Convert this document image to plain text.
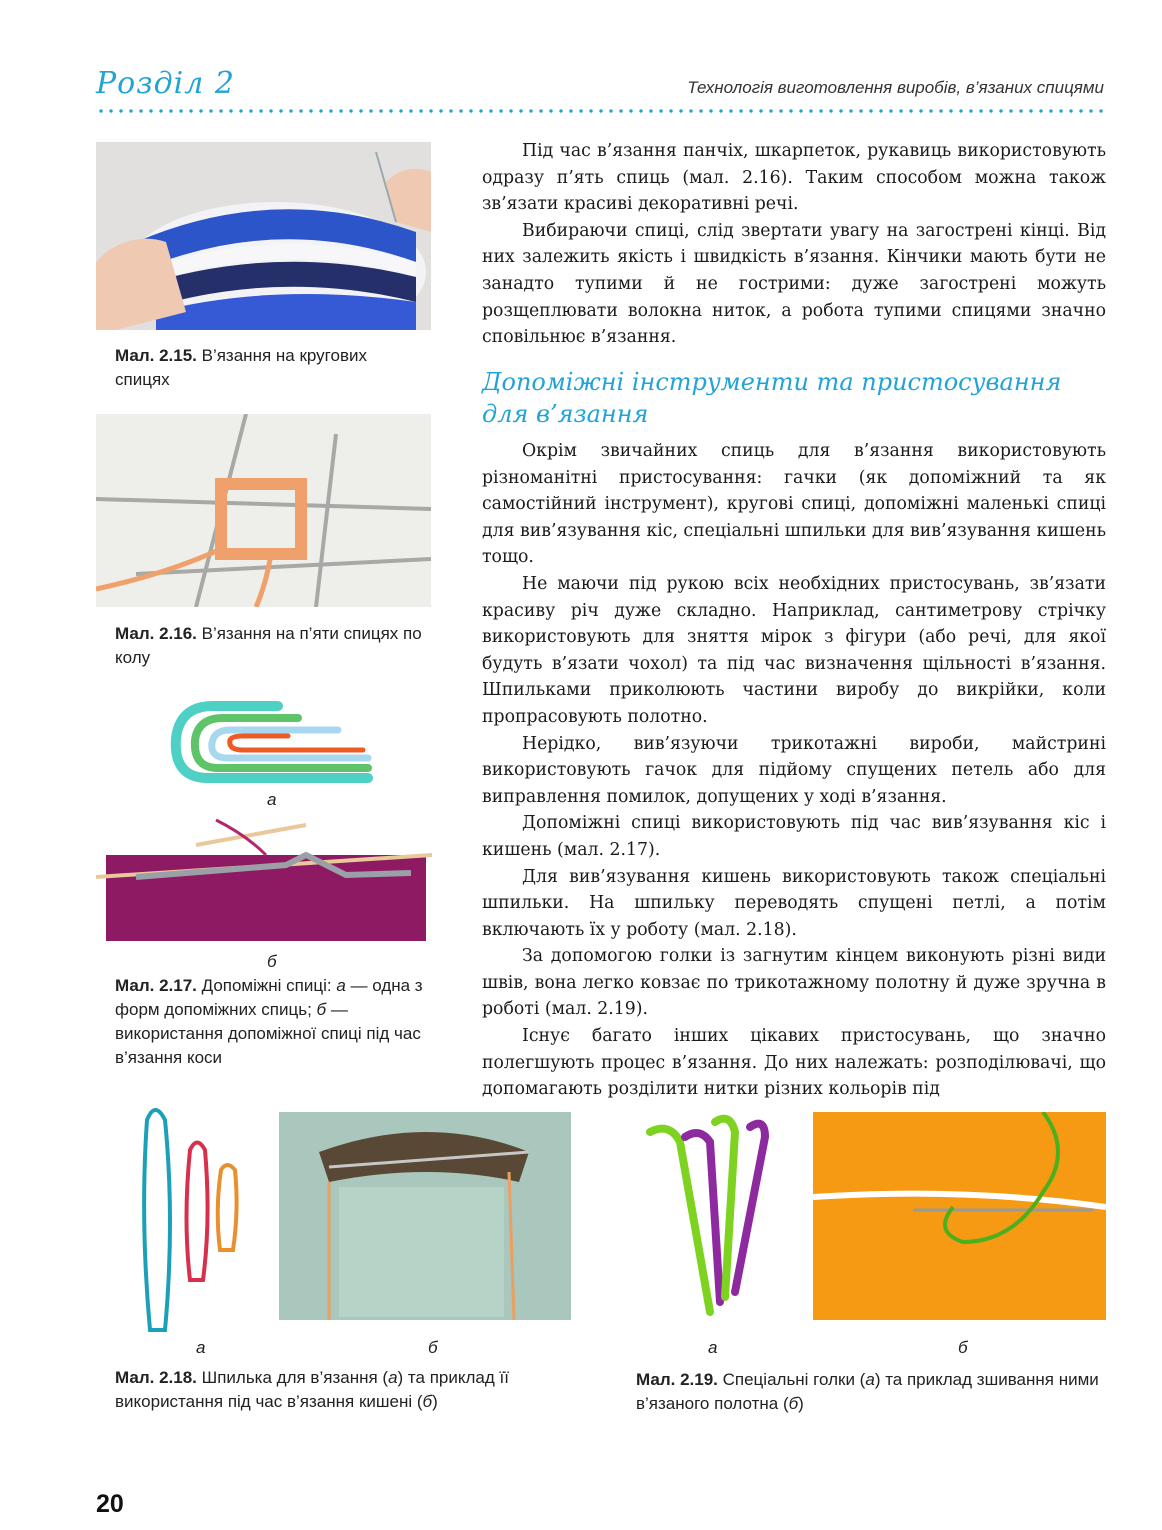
Розділ 2	Технологія виготовлення виробів, в’язаних спицями
Мал. 2.15. В’язання на кругових спицях
Мал. 2.16. В’язання на п’яти спицях по колу
а
б
Мал. 2.17. Допоміжні спиці: а — одна з форм допоміжних спиць; б — використання допоміжної спиці під час в’язання коси

Під час в’язання панчіх, шкарпеток, рукавиць використовують одразу п’ять спиць (мал. 2.16). Таким способом можна також зв’язати красиві декоративні речі.

Вибираючи спиці, слід звертати увагу на загострені кінці. Від них залежить якість і швидкість в’язання. Кінчики мають бути не занадто тупими й не гострими: дуже загострені можуть розщеплювати волокна ниток, а робота тупими спицями значно сповільнює в’язання.

Допоміжні інструменти та пристосування для в’язання

Окрім звичайних спиць для в’язання використовують різноманітні пристосування: гачки (як допоміжний та як самостійний інструмент), кругові спиці, допоміжні маленькі спиці для вив’язування кіс, спеціальні шпильки для вив’язування кишень тощо.

Не маючи під рукою всіх необхідних пристосувань, зв’язати красиву річ дуже складно. Наприклад, сантиметрову стрічку використовують для зняття мірок з фігури (або речі, для якої будуть в’язати чохол) та під час визначення щільності в’язання. Шпильками приколюють частини виробу до викрійки, коли пропрасовують полотно.

Нерідко, вив’язуючи трикотажні вироби, майстрині використовують гачок для підйому спущених петель або для виправлення помилок, допущених у ході в’язання.

Допоміжні спиці використовують під час вив’язування кіс і кишень (мал. 2.17).

Для вив’язування кишень використовують також спеціальні шпильки. На шпильку переводять спущені петлі, а потім включають їх у роботу (мал. 2.18).

За допомогою голки із загнутим кінцем виконують різні види швів, вона легко ковзає по трикотажному полотну й дуже зручна в роботі (мал. 2.19).

Існує багато інших цікавих пристосувань, що значно полегшують процес в’язання. До них належать: розподілювачі, що допомагають розділити нитки різних кольорів під

а	б
Мал. 2.18. Шпилька для в’язання (а) та приклад її використання під час в’язання кишені (б)
а	б
Мал. 2.19. Спеціальні голки (а) та приклад зшивання ними в’язаного полотна (б)
20
